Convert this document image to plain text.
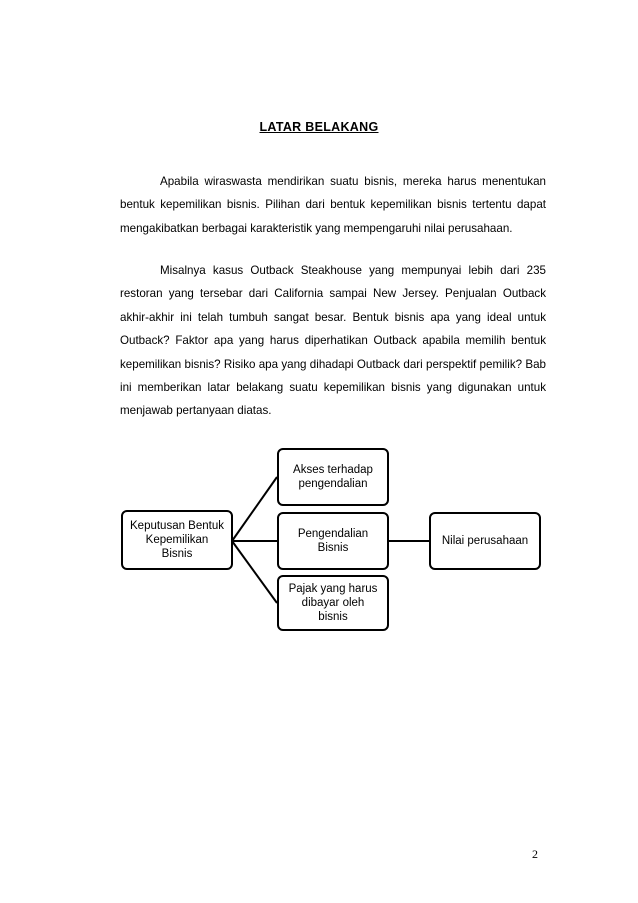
LATAR BELAKANG

Apabila wiraswasta mendirikan suatu bisnis, mereka harus menentukan bentuk kepemilikan bisnis. Pilihan dari bentuk kepemilikan bisnis tertentu dapat mengakibatkan berbagai karakteristik yang mempengaruhi nilai perusahaan.

Misalnya kasus Outback Steakhouse yang mempunyai lebih dari 235 restoran yang tersebar dari California sampai New Jersey. Penjualan Outback akhir-akhir ini telah tumbuh sangat besar. Bentuk bisnis apa yang ideal untuk Outback? Faktor apa yang harus diperhatikan Outback apabila memilih bentuk kepemilikan bisnis? Risiko apa yang dihadapi Outback dari perspektif pemilik? Bab ini memberikan latar belakang suatu kepemilikan bisnis yang digunakan untuk menjawab pertanyaan diatas.

Keputusan Bentuk
Kepemilikan
Bisnis
Akses terhadap
pengendalian
Pengendalian
Bisnis
Pajak yang harus
dibayar oleh
bisnis
Nilai perusahaan
2
